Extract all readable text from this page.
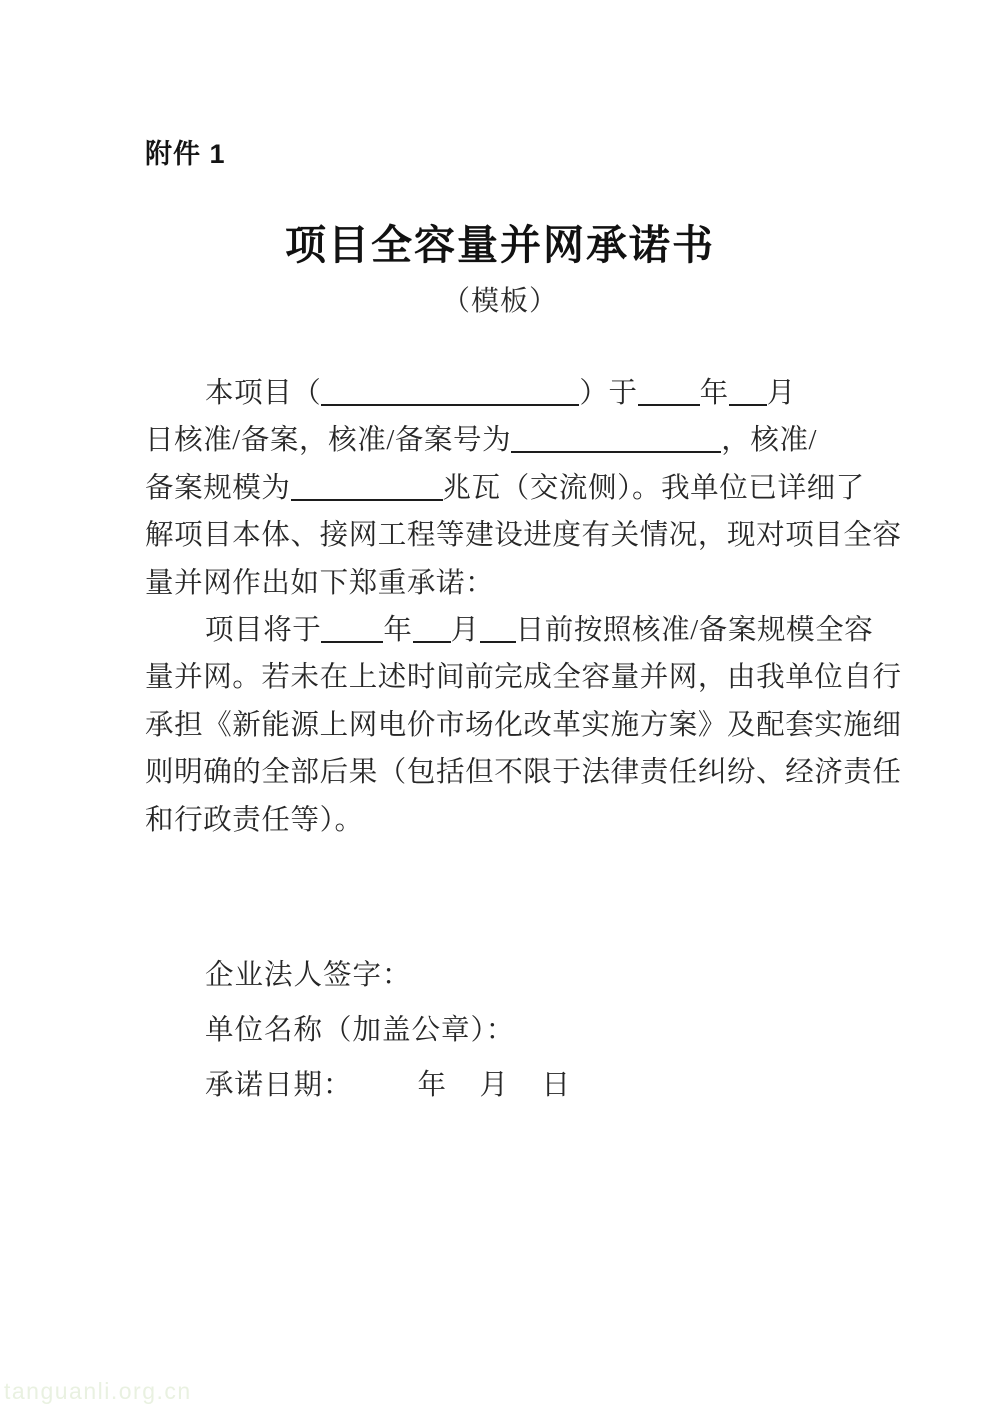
附件 1
项目全容量并网承诺书
（模板）
本项目（	）于 年 月
日核准/备案，核准/备案号为	，核准/
备案规模为	兆瓦（交流侧）。我单位已详细了
解项目本体、接网工程等建设进度有关情况，现对项目全容
量并网作出如下郑重承诺：
项目将于 年 月 日前按照核准/备案规模全容
量并网。若未在上述时间前完成全容量并网，由我单位自行
承担《新能源上网电价市场化改革实施方案》及配套实施细
则明确的全部后果（包括但不限于法律责任纠纷、经济责任
和行政责任等）。
企业法人签字：
单位名称（加盖公章）：
承诺日期：        年    月    日
tanguanli.org.cn
